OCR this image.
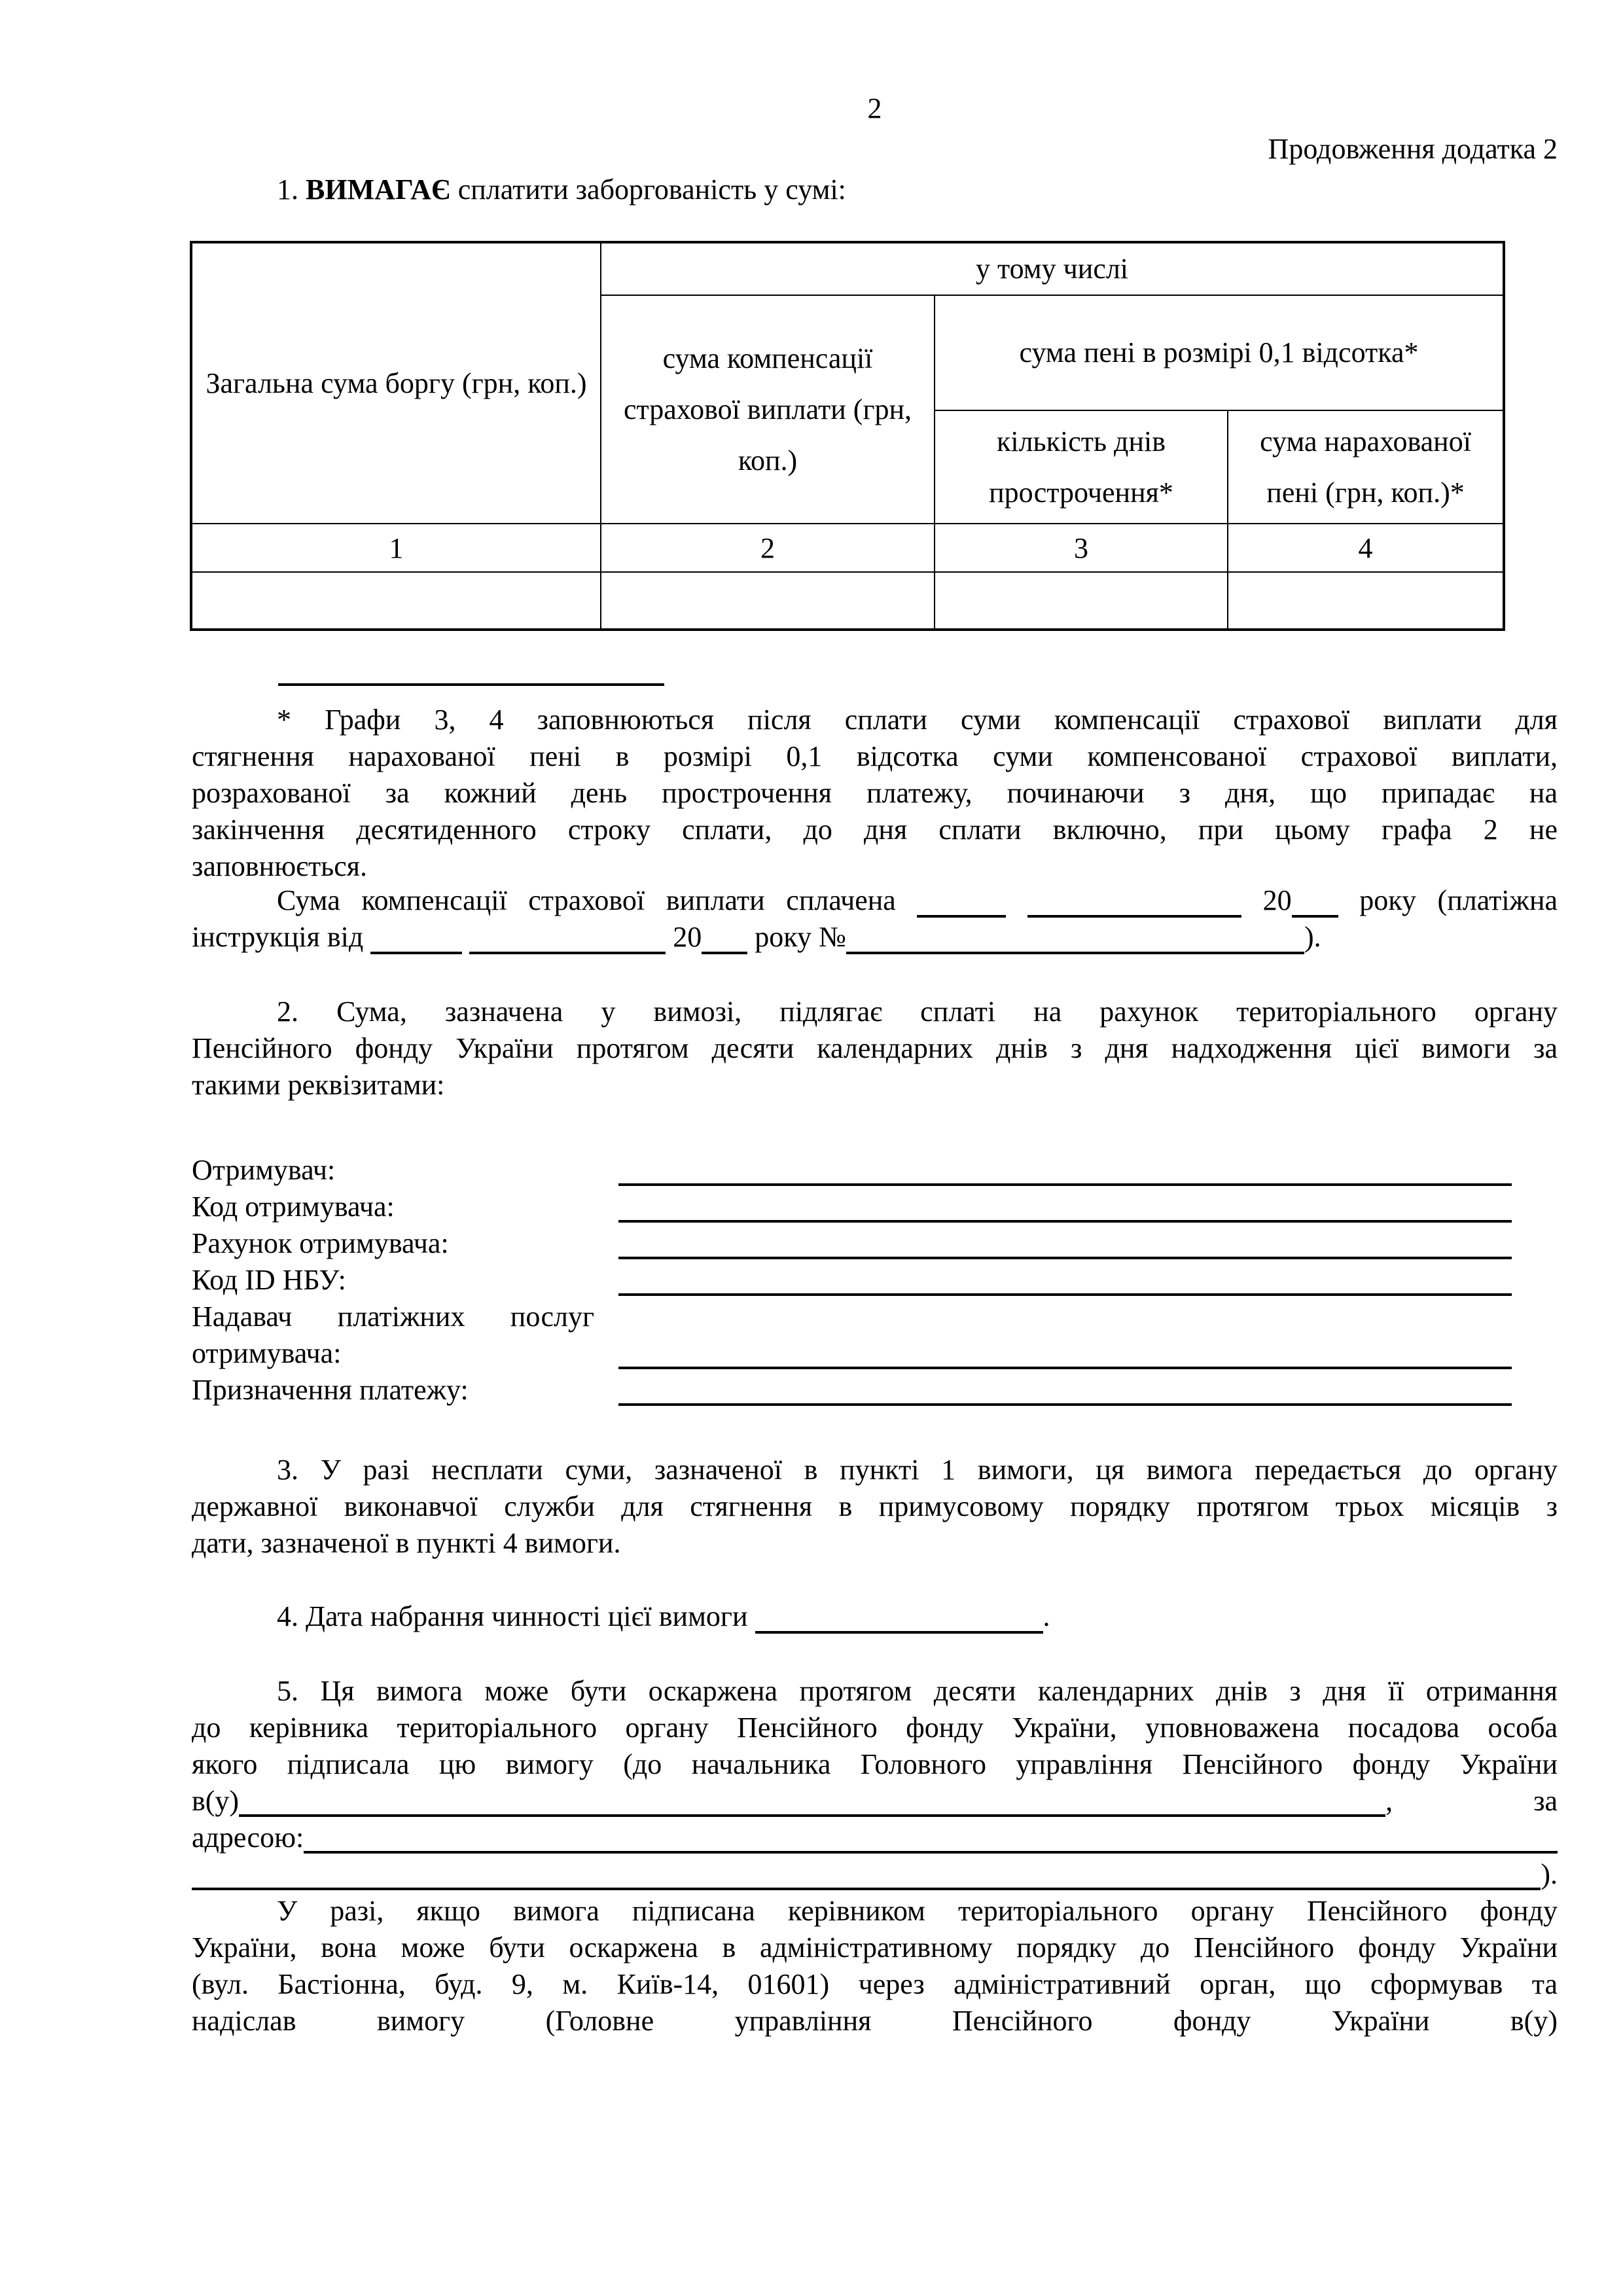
2
Продовження додатка 2
1. ВИМАГАЄ сплатити заборгованість у сумі:
Загальна сума боргу (грн, коп.)	у тому числі		
	сума компенсації страхової виплати (грн, коп.)	сума пені в розмірі 0,1 відсотка*	
		кількість днів прострочення*	сума нарахованої пені (грн, коп.)*
1	2	3	4

* Графи 3, 4 заповнюються після сплати суми компенсації страхової виплати для
стягнення нарахованої пені в розмірі 0,1 відсотка суми компенсованої страхової виплати,
розрахованої за кожний день прострочення платежу, починаючи з дня, що припадає на
закінчення десятиденного строку сплати, до дня сплати включно, при цьому графа 2 не
заповнюється.
Сума компенсації страхової виплати сплачена	20 року (платіжна
інструкція від	20 року №	).
2. Сума, зазначена у вимозі, підлягає сплаті на рахунок територіального органу
Пенсійного фонду України протягом десяти календарних днів з дня надходження цієї вимоги за
такими реквізитами:
Отримувач:
Код отримувача:
Рахунок отримувача:
Код ID НБУ:
Надавач платіжних послуг
отримувача:
Призначення платежу:
3. У разі несплати суми, зазначеної в пункті 1 вимоги, ця вимога передається до органу
державної виконавчої служби для стягнення в примусовому порядку протягом трьох місяців з
дати, зазначеної в пункті 4 вимоги.
4. Дата набрання чинності цієї вимоги	.
5. Ця вимога може бути оскаржена протягом десяти календарних днів з дня її отримання
до керівника територіального органу Пенсійного фонду України, уповноважена посадова особа
якого підписала цю вимогу (до начальника Головного управління Пенсійного фонду України
в(у)	,	за
адресою:
).
У разі, якщо вимога підписана керівником територіального органу Пенсійного фонду
України, вона може бути оскаржена в адміністративному порядку до Пенсійного фонду України
(вул. Бастіонна, буд. 9, м. Київ-14, 01601) через адміністративний орган, що сформував та
надіслав вимогу (Головне управління Пенсійного фонду України в(у)
